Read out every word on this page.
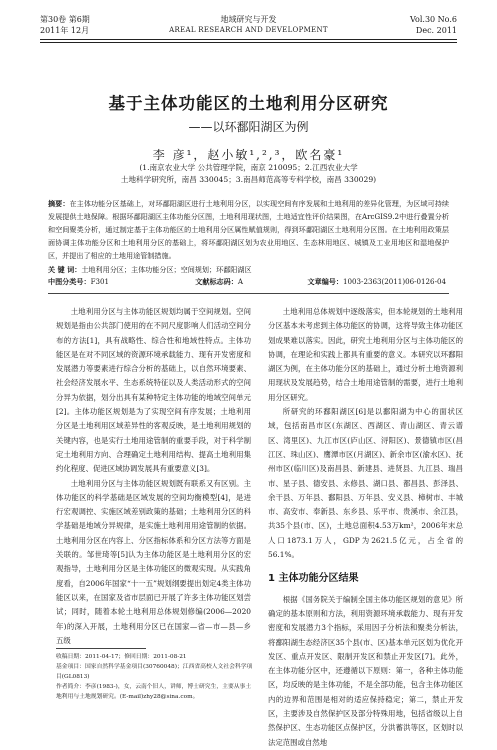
第30卷 第6期
2011年 12月
地域研究与开发
AREAL RESEARCH AND DEVELOPMENT
Vol.30 No.6
Dec. 2011
基于主体功能区的土地利用分区研究
——以环鄱阳湖区为例
李 彦¹，赵小敏¹,²,³，欧名豪¹
(1.南京农业大学 公共管理学院，南京 210095；2.江西农业大学
土地科学研究所，南昌 330045；3.南昌师范高等专科学校，南昌 330029)
摘要：在主体功能分区基础上，对环鄱阳湖区进行土地利用分区，以实现空间有序发展和土地利用的差异化管理，为区域可持续发展提供土地保障。根据环鄱阳湖区主体功能分区图，土地利用现状图，土地适宜性评价结果图，在ArcGIS9.2中进行叠置分析和空间聚类分析，通过制定基于主体功能区的土地利用分区属性赋值规则，得到环鄱阳湖区土地利用分区图。在土地利用政策层面协调主体功能分区和土地利用分区的基础上，将环鄱阳湖区划为农业用地区、生态林用地区、城镇及工业用地区和湿地保护区，并提出了相应的土地用途管制措施。
关 键 词：土地利用分区；主体功能分区；空间规划；环鄱阳湖区
中图分类号：F301	文献标志码：A	文章编号：1003-2363(2011)06-0126-04

土地利用分区与主体功能区规划均属于空间规划。空间规划是指由公共部门使用的在不同尺度影响人们活动空间分布的方法[1]，具有战略性、综合性和地域性特点。主体功能区是在对不同区域的资源环境承载能力、现有开发密度和发展潜力等要素进行综合分析的基础上，以自然环境要素、社会经济发展水平、生态系统特征以及人类活动形式的空间分异为依据，划分出具有某种特定主体功能的地域空间单元[2]。主体功能区规划是为了实现空间有序发展；土地利用分区是土地利用区域差异性的客观反映，是土地利用规划的关键内容，也是实行土地用途管制的重要手段，对于科学制定土地利用方向、合理确定土地利用结构、提高土地利用集约化程度、促进区域协调发展具有重要意义[3]。

土地利用分区与主体功能区规划既有联系又有区别。主体功能区的科学基础是区域发展的空间均衡模型[4]，是进行宏观调控、实施区域差别政策的基础；土地利用分区的科学基础是地域分异规律，是实施土地利用用途管制的依据。土地利用分区在内容上、分区指标体系和分区方法等方面是关联的。邹世琦等[5]认为主体功能区是土地利用分区的宏观指导，土地利用分区是主体功能区的微观实现。从实践角度看，自2006年国家“十一五”规划纲要提出划定4类主体功能区以来，在国家及省市层面已开展了许多主体功能区划尝试；同时，随着本轮土地利用总体规划修编(2006—2020年)的深入开展，土地利用分区已在国家—省—市—县—乡五级

土地利用总体规划中逐级落实，但本轮规划的土地利用分区基本未考虑到主体功能区的协调，这将导致主体功能区划成果难以落实。因此，研究土地利用分区与主体功能区的协调，在理论和实践上都具有重要的意义。本研究以环鄱阳湖区为例，在主体功能分区的基础上，通过分析土地资源利用现状及发展趋势，结合土地用途管制的需要，进行土地利用分区研究。

所研究的环鄱阳湖区[6]是以鄱阳湖为中心的面状区域，包括南昌市区(东湖区、西湖区、青山湖区、青云谱区、湾里区)、九江市区(庐山区、浔阳区)、景德镇市区(昌江区、珠山区)、鹰潭市区(月湖区)、新余市区(渝水区)、抚州市区(临川区)及南昌县、新建县、进贤县、九江县、瑞昌市、星子县、德安县、永修县、湖口县、都昌县、彭泽县、余干县、万年县、鄱阳县、万年县、安义县、樟树市、丰城市、高安市、奉新县、东乡县、乐平市、贵溪市、余江县，共35个县(市、区)，土地总面积4.53万km²，2006年末总人口1873.1万人，GDP为2621.5亿元，占全省的56.1%。

1 主体功能分区结果

根据《国务院关于编制全国主体功能区规划的意见》所确定的基本原则和方法，利用资源环境承载能力、现有开发密度和发展潜力3个指标，采用因子分析法和聚类分析法，将鄱阳湖生态经济区35个县(市、区)基本单元区划为优化开发区、重点开发区、限制开发区和禁止开发区[7]。此外，在主体功能分区中，还遵循以下原则：第一，各种主体功能区，均反映的是主体功能，不是全部功能，包含主体功能区内的边界和范围是相对的适应保持稳定；第二，禁止开发区，主要涉及自然保护区及部分特殊用地，包括省级以上自然保护区、生态功能区点保护区，分洪蓄洪等区，区划时以法定范围或自然地

收稿日期：2011-04-17；修回日期：2011-08-21
基金项目：国家自然科学基金项目(30760048)；江西省高校人文社会科学项目(GL0813)
作者简介：李彦(1983-)，女，云南个旧人，讲师，博士研究生，主要从事土地利用与土地规划研究。(E-mail)zhy28@sina.com。
